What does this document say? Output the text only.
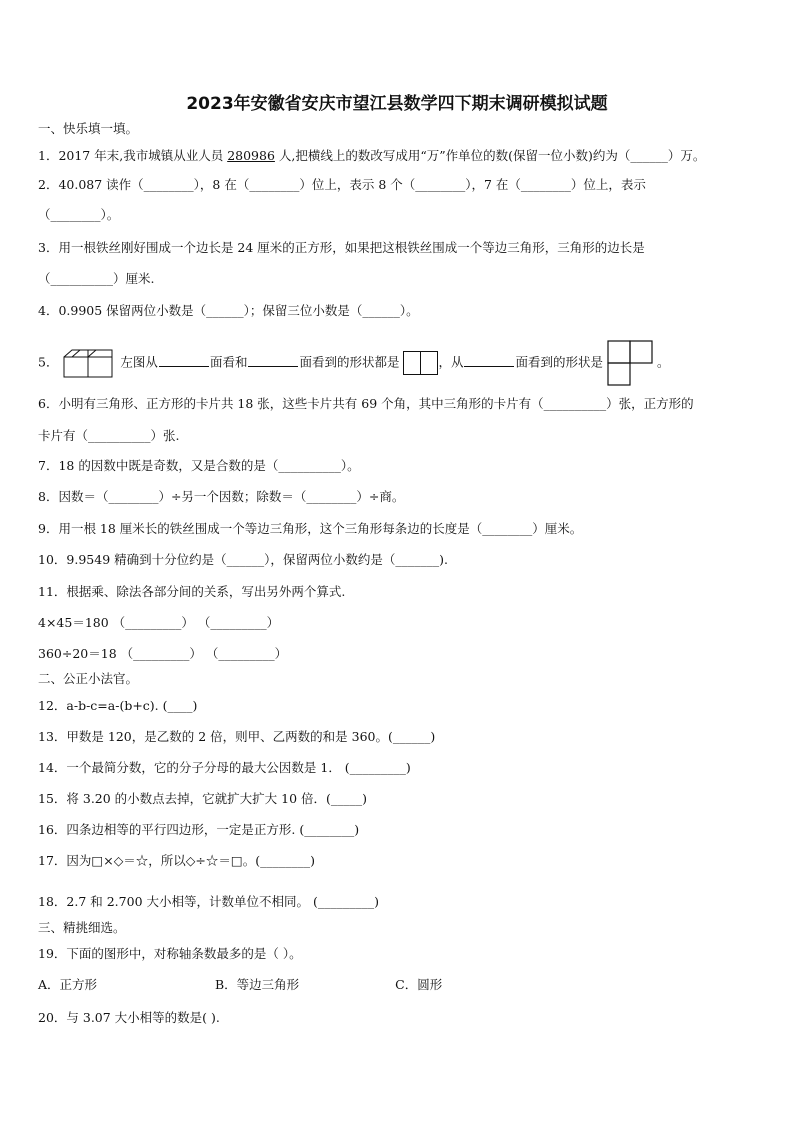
2023年安徽省安庆市望江县数学四下期末调研模拟试题
一、快乐填一填。
1．2017 年末,我市城镇从业人员 280986 人,把横线上的数改写成用“万”作单位的数(保留一位小数)约为（______）万。
2．40.087 读作（________），8 在（________）位上，表示 8 个（________），7 在（________）位上，表示
（________）。
3．用一根铁丝刚好围成一个边长是 24 厘米的正方形，如果把这根铁丝围成一个等边三角形，三角形的边长是
（__________）厘米.
4．0.9905 保留两位小数是（______）；保留三位小数是（______）。
5．	左图从	面看和	面看到的形状都是	，从	面看到的形状是	。
6．小明有三角形、正方形的卡片共 18 张，这些卡片共有 69 个角，其中三角形的卡片有（__________）张，正方形的
卡片有（__________）张.
7．18 的因数中既是奇数，又是合数的是（__________）。
8．因数＝（________）÷另一个因数；除数＝（________）÷商。
9．用一根 18 厘米长的铁丝围成一个等边三角形，这个三角形每条边的长度是（________）厘米。
10．9.9549 精确到十分位约是（______），保留两位小数约是（_______).
11．根据乘、除法各部分间的关系，写出另外两个算式.
4×45＝180 （_________） （_________）
360÷20＝18 （_________） （_________）
二、公正小法官。
12．a-b-c=a-(b+c). (____)
13．甲数是 120，是乙数的 2 倍，则甲、乙两数的和是 360。(______)
14．一个最简分数，它的分子分母的最大公因数是 1． (_________)
15．将 3.20 的小数点去掉，它就扩大扩大 10 倍．(_____)
16．四条边相等的平行四边形，一定是正方形. (________)
17．因为□×◇＝☆，所以◇÷☆＝□。(________)
18．2.7 和 2.700 大小相等，计数单位不相同。 (_________)
三、精挑细选。
19．下面的图形中，对称轴条数最多的是（ ）。
A．正方形	B．等边三角形	C．圆形
20．与 3.07 大小相等的数是( ).
